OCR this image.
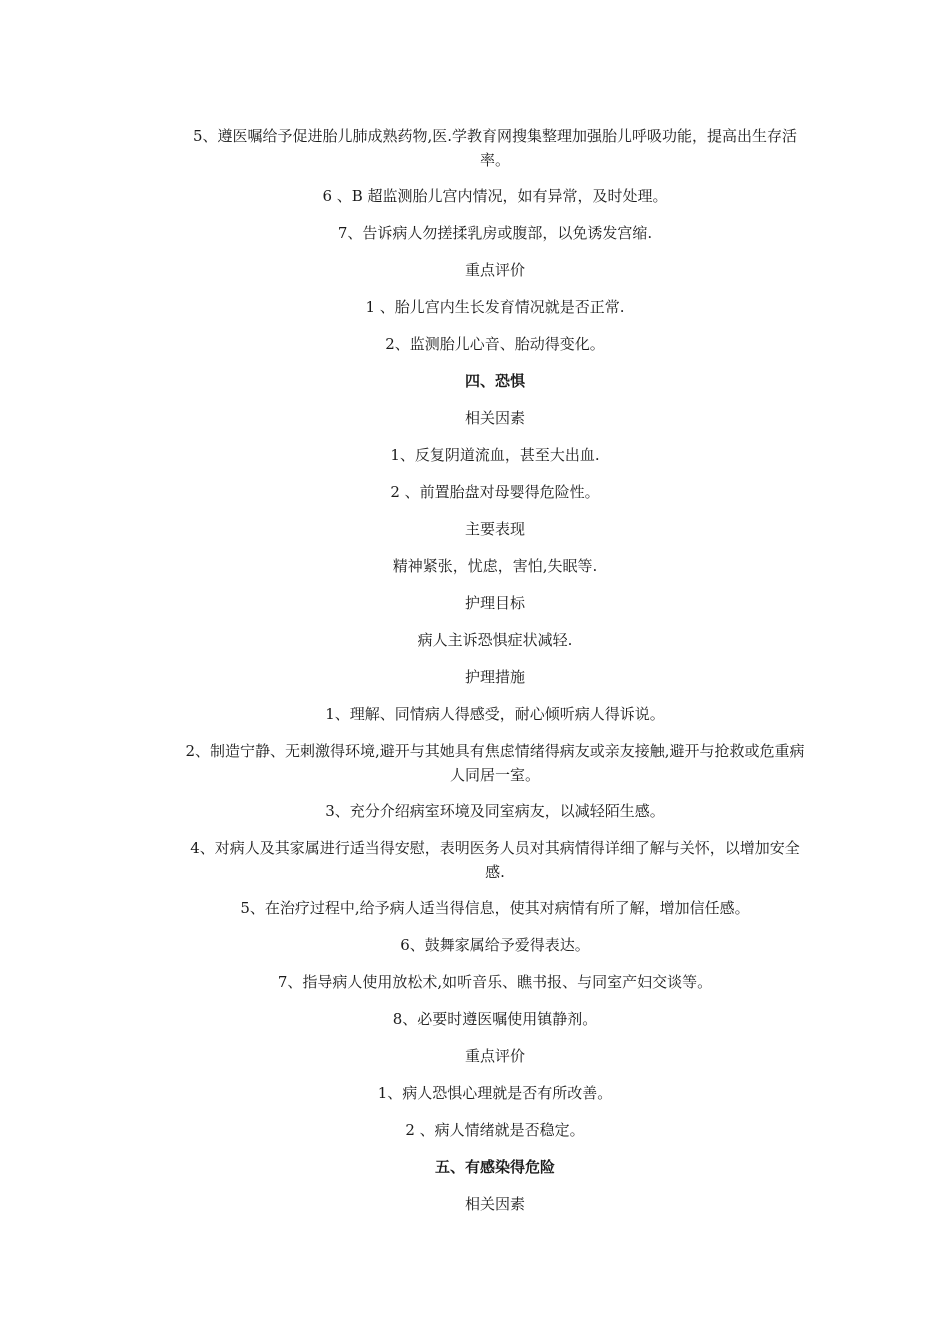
5、遵医嘱给予促进胎儿肺成熟药物,医.学教育网搜集整理加强胎儿呼吸功能，提高出生存活率。

6 、B 超监测胎儿宫内情况，如有异常，及时处理。

7、告诉病人勿搓揉乳房或腹部，以免诱发宫缩.

重点评价

1 、胎儿宫内生长发育情况就是否正常.

2、监测胎儿心音、胎动得变化。

四、恐惧

相关因素

1、反复阴道流血，甚至大出血.

2 、前置胎盘对母婴得危险性。

主要表现

精神紧张，忧虑，害怕,失眠等.

护理目标

病人主诉恐惧症状减轻.

护理措施

1、理解、同情病人得感受，耐心倾听病人得诉说。

2、制造宁静、无刺激得环境,避开与其她具有焦虑情绪得病友或亲友接触,避开与抢救或危重病人同居一室。

3、充分介绍病室环境及同室病友，以减轻陌生感。

4、对病人及其家属进行适当得安慰，表明医务人员对其病情得详细了解与关怀，以增加安全感.

5、在治疗过程中,给予病人适当得信息，使其对病情有所了解，增加信任感。

6、鼓舞家属给予爱得表达。

7、指导病人使用放松术,如听音乐、瞧书报、与同室产妇交谈等。

8、必要时遵医嘱使用镇静剂。

重点评价

1、病人恐惧心理就是否有所改善。

2 、病人情绪就是否稳定。

五、有感染得危险

相关因素
